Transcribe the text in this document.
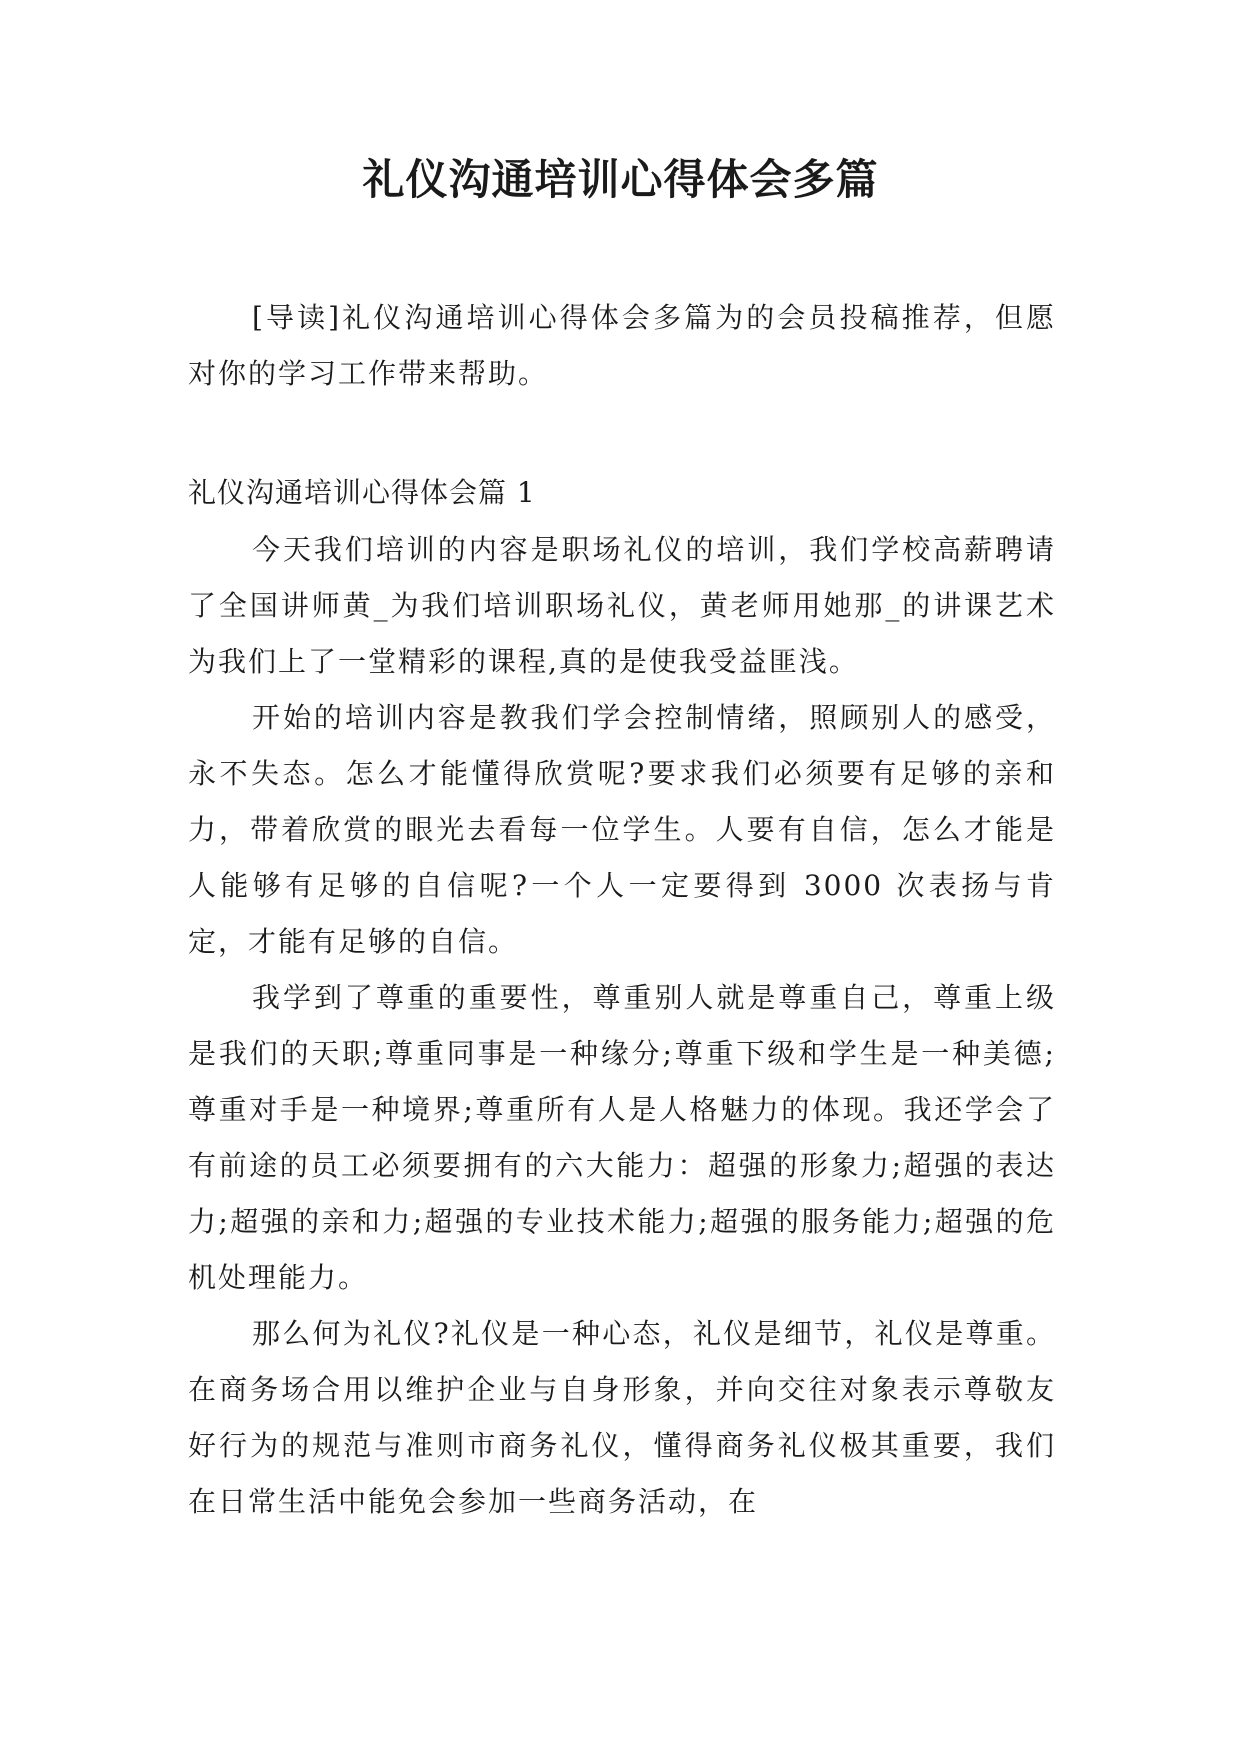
礼仪沟通培训心得体会多篇

[导读]礼仪沟通培训心得体会多篇为的会员投稿推荐，但愿对你的学习工作带来帮助。

礼仪沟通培训心得体会篇 1

今天我们培训的内容是职场礼仪的培训，我们学校高薪聘请了全国讲师黄_为我们培训职场礼仪，黄老师用她那_的讲课艺术为我们上了一堂精彩的课程,真的是使我受益匪浅。

开始的培训内容是教我们学会控制情绪，照顾别人的感受，永不失态。怎么才能懂得欣赏呢?要求我们必须要有足够的亲和力，带着欣赏的眼光去看每一位学生。人要有自信，怎么才能是人能够有足够的自信呢?一个人一定要得到 3000 次表扬与肯定，才能有足够的自信。

我学到了尊重的重要性，尊重别人就是尊重自己，尊重上级是我们的天职;尊重同事是一种缘分;尊重下级和学生是一种美德;尊重对手是一种境界;尊重所有人是人格魅力的体现。我还学会了有前途的员工必须要拥有的六大能力：超强的形象力;超强的表达力;超强的亲和力;超强的专业技术能力;超强的服务能力;超强的危机处理能力。

那么何为礼仪?礼仪是一种心态，礼仪是细节，礼仪是尊重。在商务场合用以维护企业与自身形象，并向交往对象表示尊敬友好行为的规范与准则市商务礼仪，懂得商务礼仪极其重要，我们在日常生活中能免会参加一些商务活动，在
